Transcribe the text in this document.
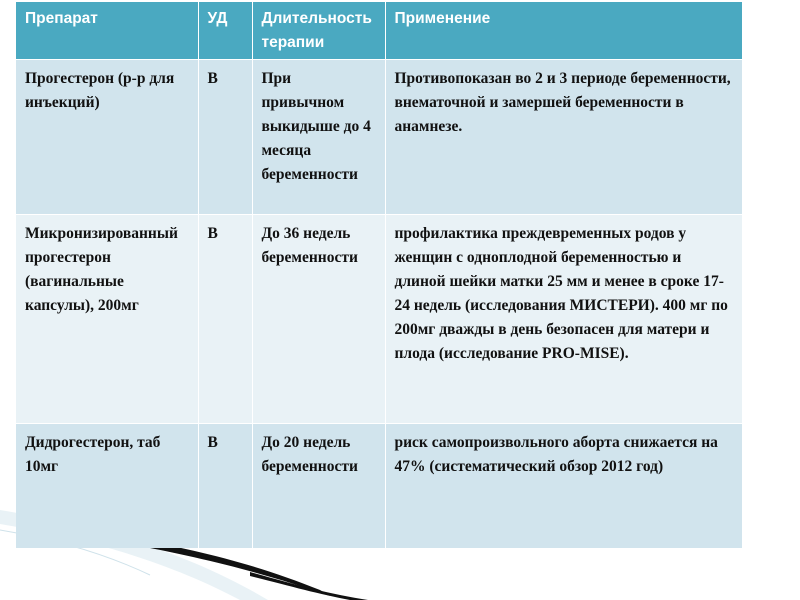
Препарат	УД	Длительность терапии	Применение
Прогестерон (р-р для инъекций)	В	При привычном выкидыше до 4 месяца беременности	Противопоказан во 2 и 3 периоде беременности, внематочной и замершей беременности в анамнезе.
Микронизированный прогестерон (вагинальные капсулы), 200мг	В	До 36 недель беременности	профилактика преждевременных родов у женщин с одноплодной беременностью и длиной шейки матки 25 мм и менее в сроке 17-24 недель (исследования МИСТЕРИ). 400 мг по 200мг дважды в день безопасен для матери и плода (исследование PRO-MISE).
Дидрогестерон, таб 10мг	В	До 20 недель беременности	риск самопроизвольного аборта снижается на 47% (систематический обзор 2012 год)
